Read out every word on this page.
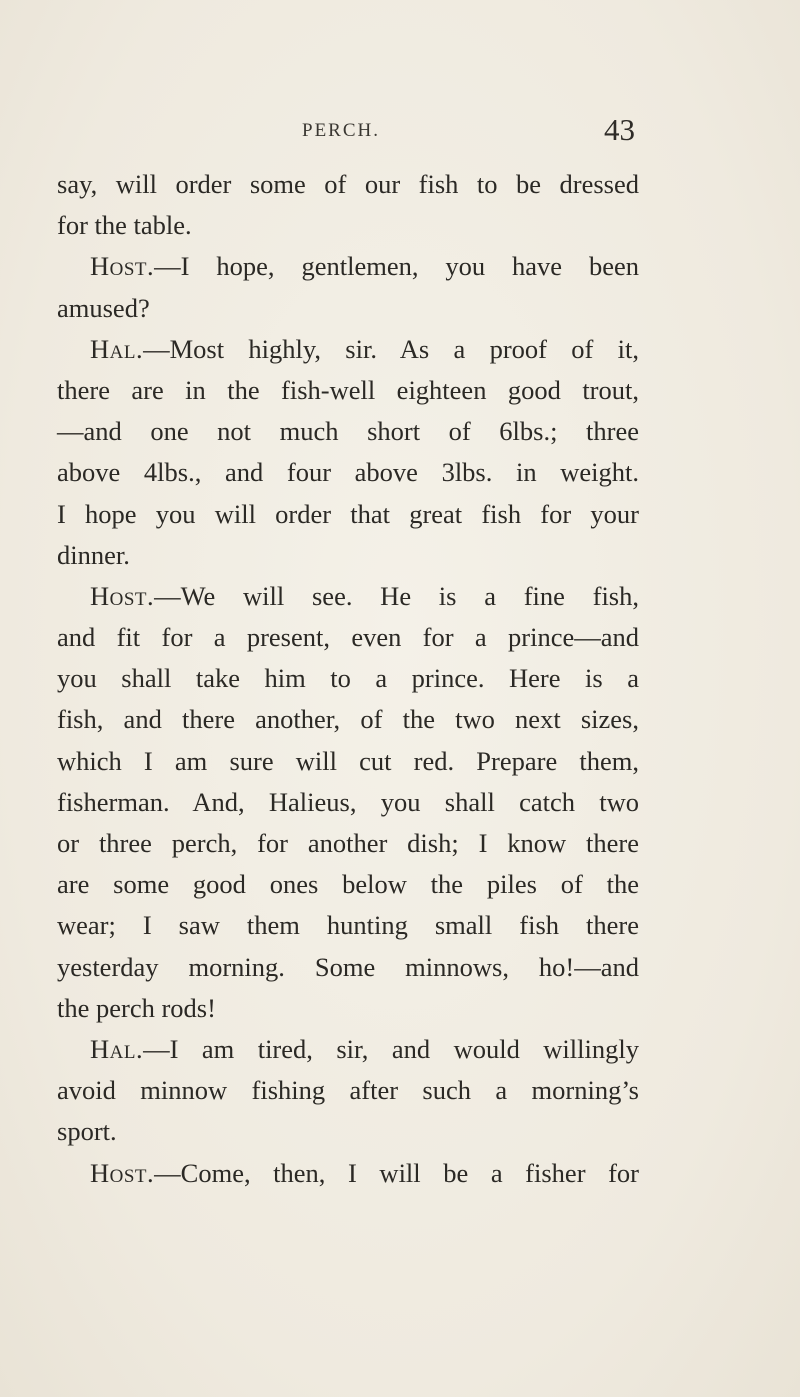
PERCH.	43
say, will order some of our fish to be dressed
for the table.
Host.—I hope, gentlemen, you have been
amused?
Hal.—Most highly, sir. As a proof of it,
there are in the fish-well eighteen good trout,
—and one not much short of 6lbs.; three
above 4lbs., and four above 3lbs. in weight.
I hope you will order that great fish for your
dinner.
Host.—We will see. He is a fine fish,
and fit for a present, even for a prince—and
you shall take him to a prince. Here is a
fish, and there another, of the two next sizes,
which I am sure will cut red. Prepare them,
fisherman. And, Halieus, you shall catch two
or three perch, for another dish; I know there
are some good ones below the piles of the
wear; I saw them hunting small fish there
yesterday morning. Some minnows, ho!—and
the perch rods!
Hal.—I am tired, sir, and would willingly
avoid minnow fishing after such a morning’s
sport.
Host.—Come, then, I will be a fisher for
